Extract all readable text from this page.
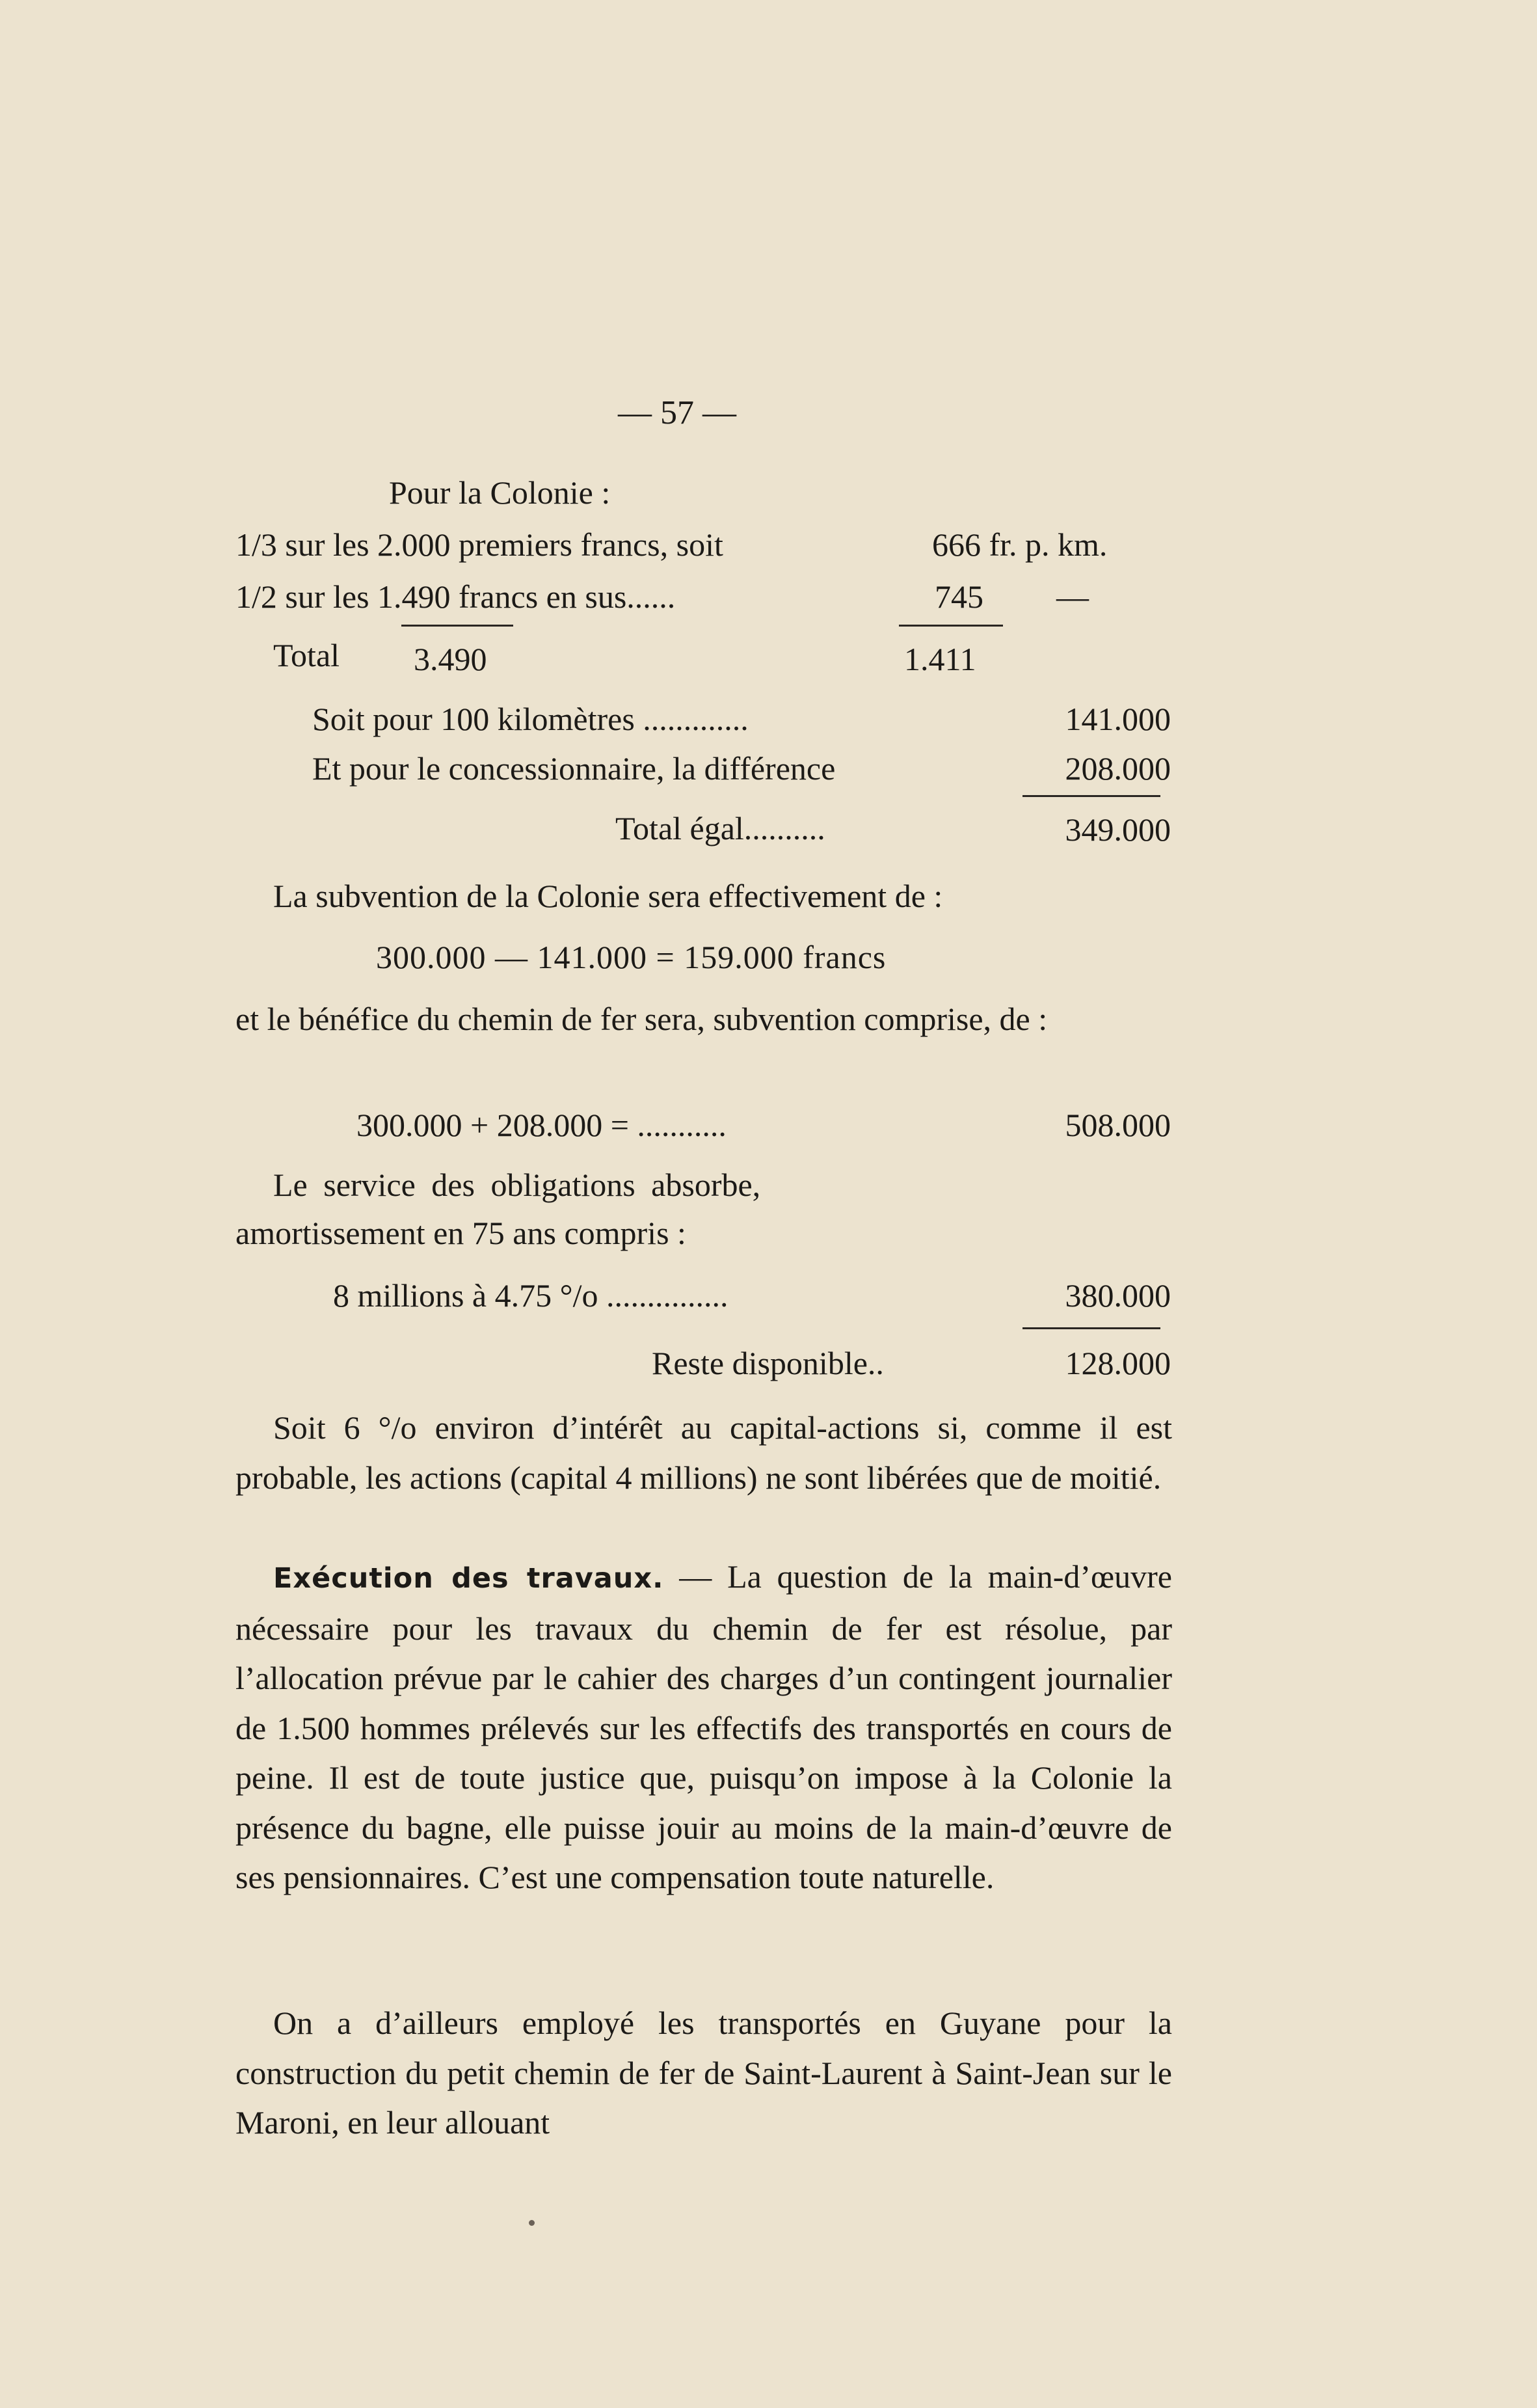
— 57 —
Pour la Colonie :
1/3 sur les 2.000 premiers francs, soit	666 fr. p. km.
1/2 sur les 1.490 francs en sus......	745 —
Total 3.490	1.411
Soit pour 100 kilomètres .............	141.000
Et pour le concessionnaire, la différence	208.000
Total égal..........	349.000
La subvention de la Colonie sera effectivement de :
300.000 — 141.000 = 159.000 francs

et le bénéfice du chemin de fer sera, subvention comprise, de :

300.000 + 208.000 = ...........	508.000
Le service des obligations absorbe,
amortissement en 75 ans compris :
8 millions à 4.75 °/o ...............	380.000
Reste disponible..	128.000

Soit 6 °/o environ d’intérêt au capital-actions si, comme il est probable, les actions (capital 4 millions) ne sont libérées que de moitié.

Exécution des travaux. — La question de la main-d’œuvre nécessaire pour les travaux du chemin de fer est résolue, par l’allocation prévue par le cahier des charges d’un contingent journalier de 1.500 hommes prélevés sur les effectifs des transportés en cours de peine. Il est de toute justice que, puisqu’on impose à la Colonie la présence du bagne, elle puisse jouir au moins de la main-d’œuvre de ses pensionnaires. C’est une compensation toute naturelle.

On a d’ailleurs employé les transportés en Guyane pour la construction du petit chemin de fer de Saint-Laurent à Saint-Jean sur le Maroni, en leur allouant
